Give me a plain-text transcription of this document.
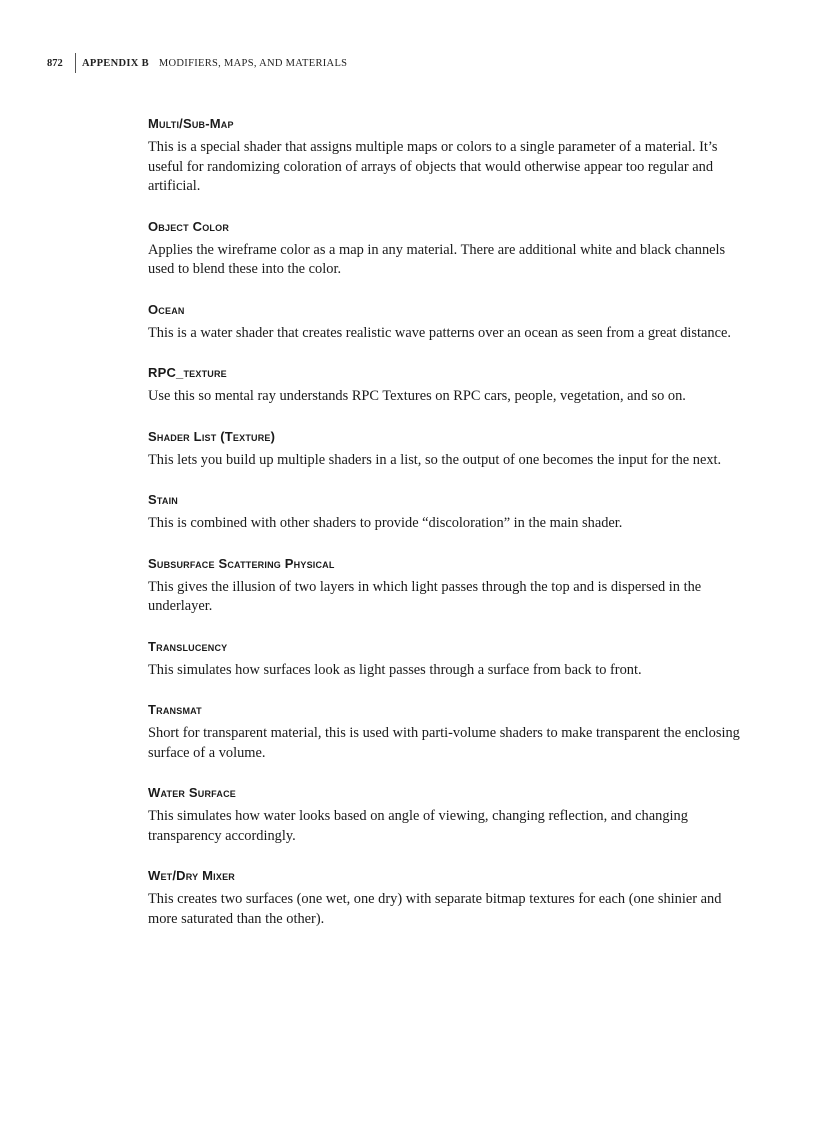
872	APPENDIX B MODIFIERS, MAPS, AND MATERIALS
Multi/Sub-Map

This is a special shader that assigns multiple maps or colors to a single parameter of a material. It’s useful for randomizing coloration of arrays of objects that would otherwise appear too regular and artificial.

Object Color

Applies the wireframe color as a map in any material. There are additional white and black channels used to blend these into the color.

Ocean

This is a water shader that creates realistic wave patterns over an ocean as seen from a great distance.

RPC_texture

Use this so mental ray understands RPC Textures on RPC cars, people, vegetation, and so on.

Shader List (Texture)

This lets you build up multiple shaders in a list, so the output of one becomes the input for the next.

Stain

This is combined with other shaders to provide “discoloration” in the main shader.

Subsurface Scattering Physical

This gives the illusion of two layers in which light passes through the top and is dispersed in the underlayer.

Translucency

This simulates how surfaces look as light passes through a surface from back to front.

Transmat

Short for transparent material, this is used with parti-volume shaders to make transparent the enclosing surface of a volume.

Water Surface

This simulates how water looks based on angle of viewing, changing reflection, and changing transparency accordingly.

Wet/Dry Mixer

This creates two surfaces (one wet, one dry) with separate bitmap textures for each (one shinier and more saturated than the other).
